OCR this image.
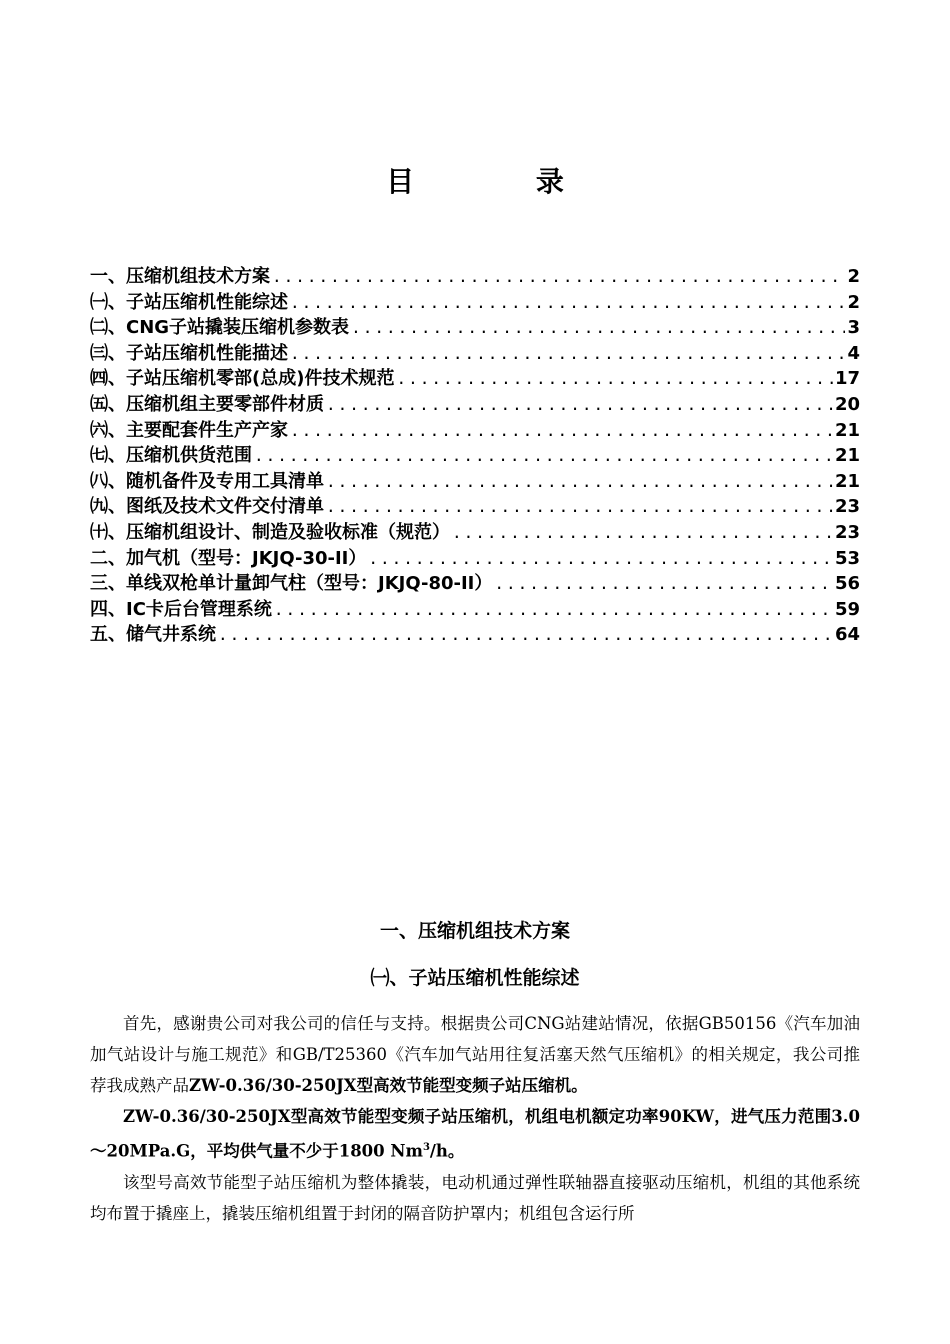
目 录
一、压缩机组技术方案 .....	2
㈠、子站压缩机性能综述 .....	2
㈡、CNG子站撬装压缩机参数表 .....	3
㈢、子站压缩机性能描述 .....	4
㈣、子站压缩机零部(总成)件技术规范 .....	17
㈤、压缩机组主要零部件材质 .....	20
㈥、主要配套件生产产家 .....	21
㈦、压缩机供货范围 .....	21
㈧、随机备件及专用工具清单 .....	21
㈨、图纸及技术文件交付清单 .....	23
㈩、压缩机组设计、制造及验收标准（规范） .....	23
二、加气机（型号：JKJQ-30-II） .....	53
三、单线双枪单计量卸气柱（型号：JKJQ-80-II） .....	56
四、IC卡后台管理系统 .....	59
五、储气井系统 .....	64
一、压缩机组技术方案
㈠、子站压缩机性能综述

首先，感谢贵公司对我公司的信任与支持。根据贵公司CNG站建站情况，依据GB50156《汽车加油加气站设计与施工规范》和GB/T25360《汽车加气站用往复活塞天然气压缩机》的相关规定，我公司推荐我成熟产品ZW-0.36/30-250JX型高效节能型变频子站压缩机。

ZW-0.36/30-250JX型高效节能型变频子站压缩机，机组电机额定功率90KW，进气压力范围3.0～20MPa.G，平均供气量不少于1800 Nm$^3$/h。

该型号高效节能型子站压缩机为整体撬装，电动机通过弹性联轴器直接驱动压缩机，机组的其他系统均布置于撬座上，撬装压缩机组置于封闭的隔音防护罩内；机组包含运行所
